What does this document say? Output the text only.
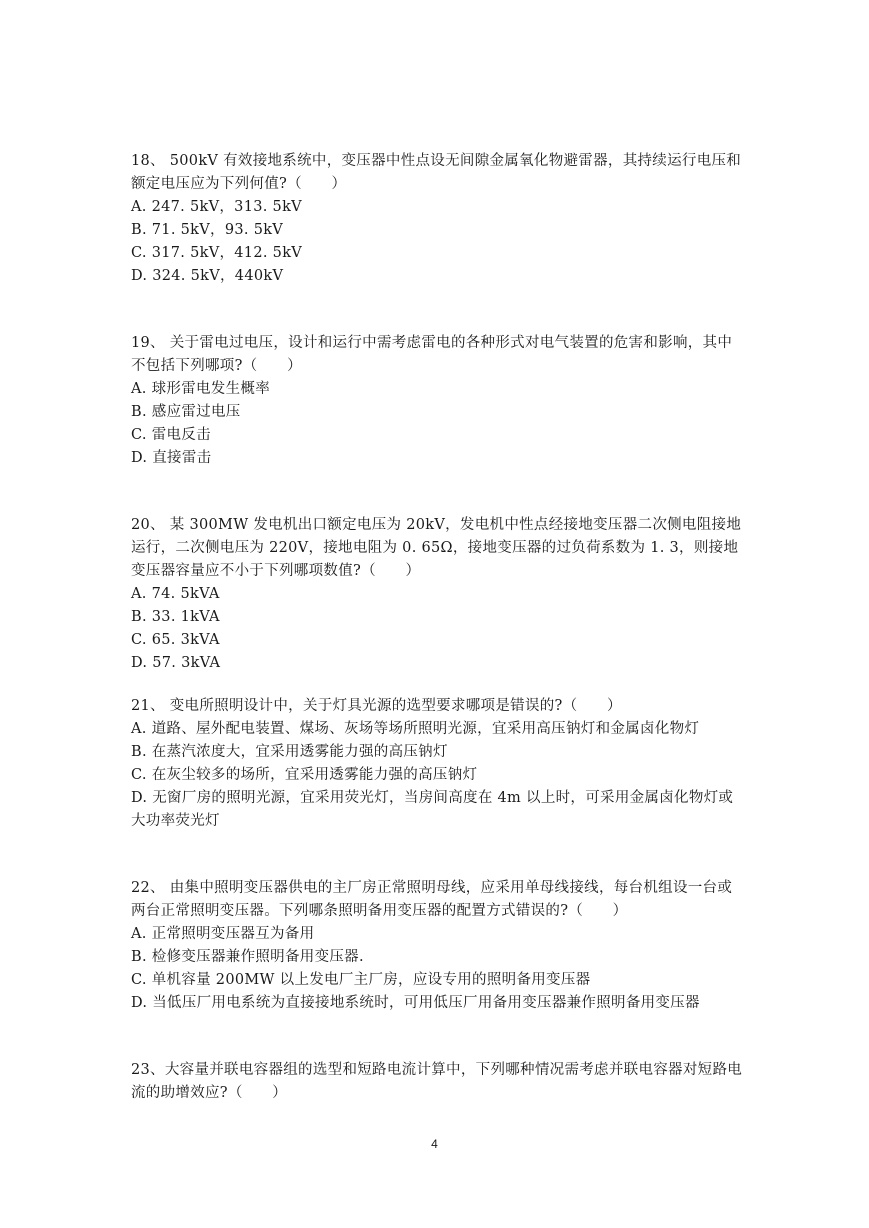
18、 500kV 有效接地系统中，变压器中性点设无间隙金属氧化物避雷器，其持续运行电压和额定电压应为下列何值?（　　）

A. 247. 5kV，313. 5kV

B. 71. 5kV，93. 5kV

C. 317. 5kV，412. 5kV

D. 324. 5kV，440kV

19、 关于雷电过电压，设计和运行中需考虑雷电的各种形式对电气装置的危害和影响，其中不包括下列哪项?（　　）

A. 球形雷电发生概率

B. 感应雷过电压

C. 雷电反击

D. 直接雷击

20、 某 300MW 发电机出口额定电压为 20kV，发电机中性点经接地变压器二次侧电阻接地运行，二次侧电压为 220V，接地电阻为 0. 65Ω，接地变压器的过负荷系数为 1. 3，则接地变压器容量应不小于下列哪项数值?（　　）

A. 74. 5kVA

B. 33. 1kVA

C. 65. 3kVA

D. 57. 3kVA

21、 变电所照明设计中，关于灯具光源的选型要求哪项是错误的?（　　）

A. 道路、屋外配电装置、煤场、灰场等场所照明光源，宜采用高压钠灯和金属卤化物灯

B. 在蒸汽浓度大，宜采用透雾能力强的高压钠灯

C. 在灰尘较多的场所，宜采用透雾能力强的高压钠灯

D. 无窗厂房的照明光源，宜采用荧光灯，当房间高度在 4m 以上时，可采用金属卤化物灯或大功率荧光灯

22、 由集中照明变压器供电的主厂房正常照明母线，应采用单母线接线，每台机组设一台或两台正常照明变压器。下列哪条照明备用变压器的配置方式错误的?（　　）

A. 正常照明变压器互为备用

B. 检修变压器兼作照明备用变压器.

C. 单机容量 200MW 以上发电厂主厂房，应设专用的照明备用变压器

D. 当低压厂用电系统为直接接地系统时，可用低压厂用备用变压器兼作照明备用变压器

23、大容量并联电容器组的选型和短路电流计算中，下列哪种情况需考虑并联电容器对短路电流的助增效应?（　　）

4
